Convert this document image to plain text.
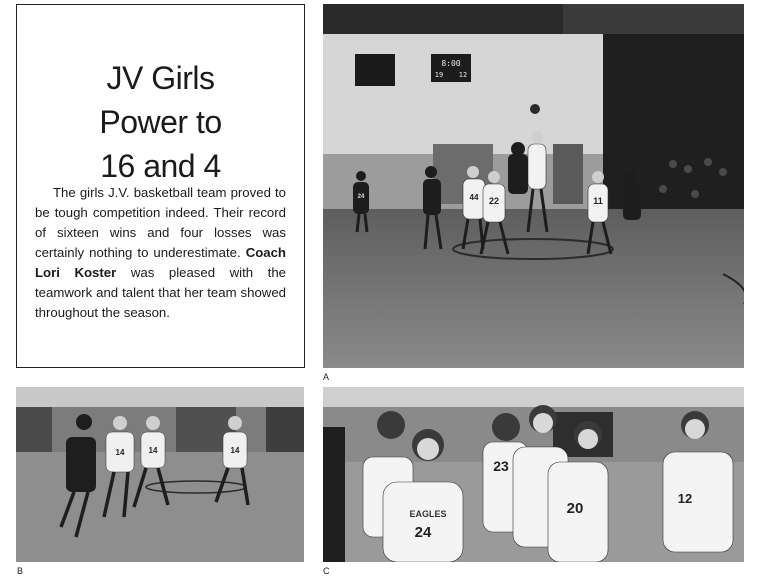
JV Girls
Power to
16 and 4

The girls J.V. basketball team proved to be tough competition indeed. Their record of sixteen wins and four losses was certainly nothing to underestimate. Coach Lori Koster was pleased with the teamwork and talent that her team showed throughout the season.

8:00
19 12
22	11
44
24
A
14	14	14
B
23
24
20
12
EAGLES
C
